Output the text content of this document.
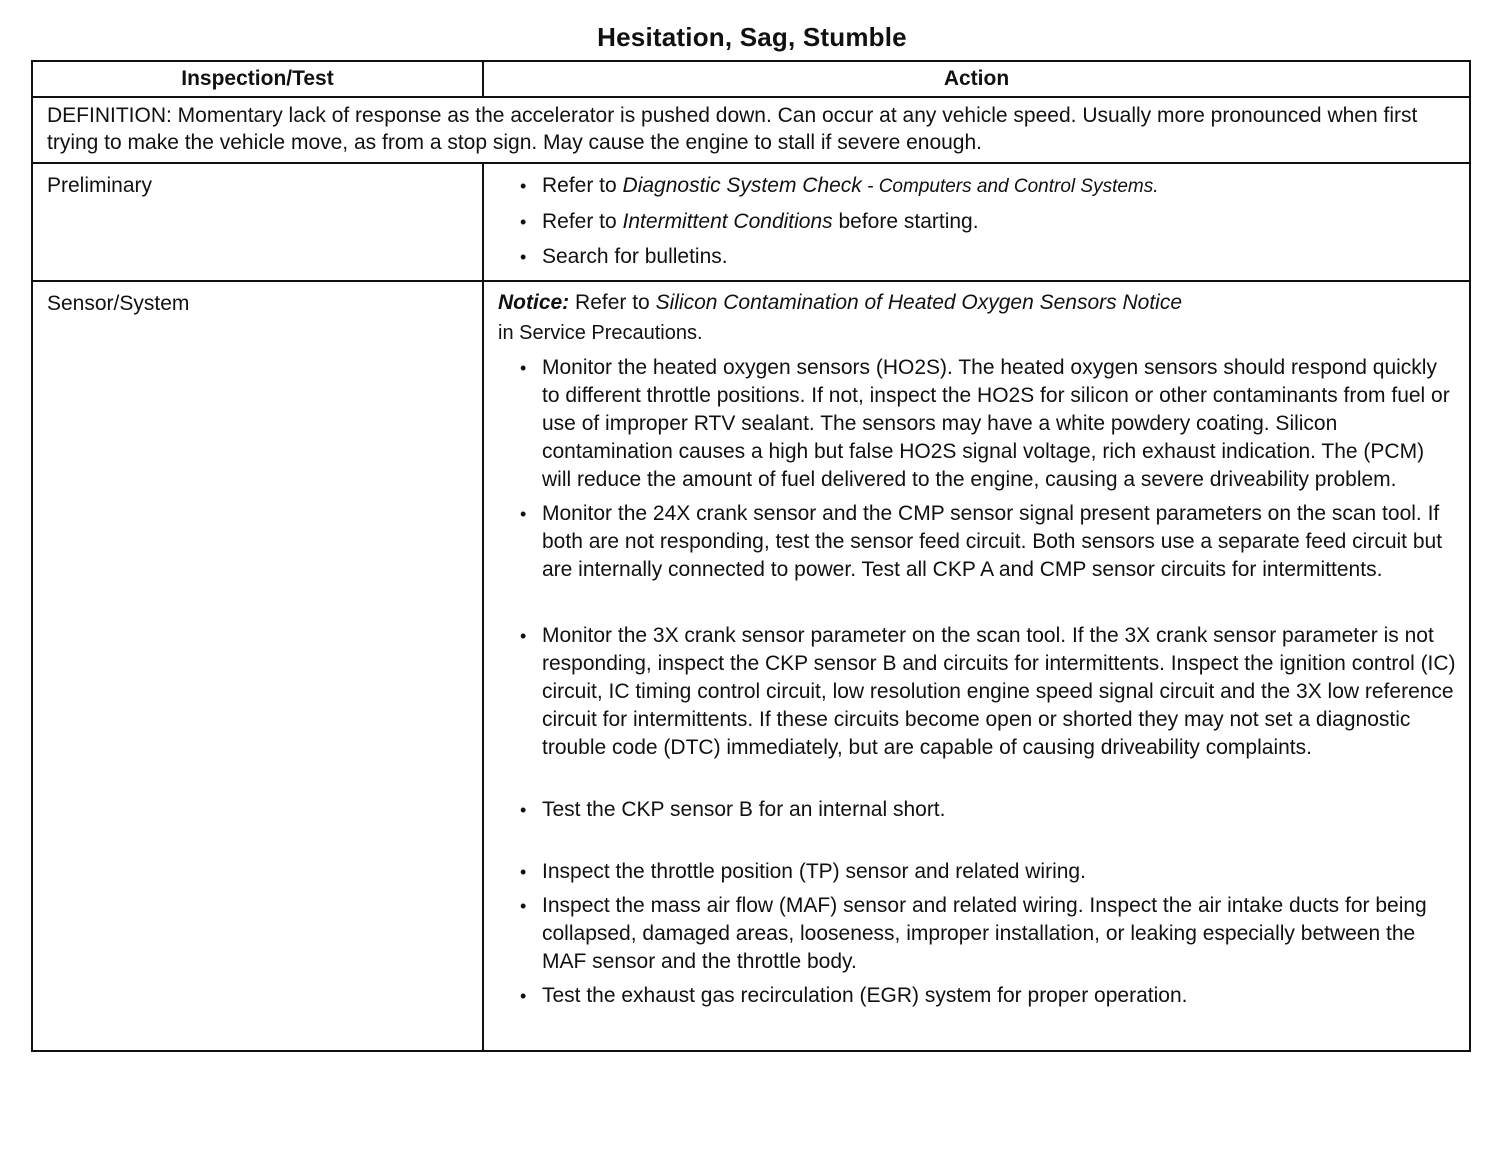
Hesitation, Sag, Stumble
Inspection/Test	Action
DEFINITION: Momentary lack of response as the accelerator is pushed down. Can occur at any vehicle speed. Usually more pronounced when first trying to make the vehicle move, as from a stop sign. May cause the engine to stall if severe enough.	
Preliminary	• Refer to Diagnostic System Check - Computers and Control Systems.
• Refer to Intermittent Conditions before starting.
• Search for bulletins.

Sensor/System	Notice: Refer to Silicon Contamination of Heated Oxygen Sensors Notice
in Service Precautions.
• Monitor the heated oxygen sensors (HO2S). The heated oxygen sensors should respond quickly to different throttle positions. If not, inspect the HO2S for silicon or other contaminants from fuel or use of improper RTV sealant. The sensors may have a white powdery coating. Silicon contamination causes a high but false HO2S signal voltage, rich exhaust indication. The (PCM) will reduce the amount of fuel delivered to the engine, causing a severe driveability problem.
• Monitor the 24X crank sensor and the CMP sensor signal present parameters on the scan tool. If both are not responding, test the sensor feed circuit. Both sensors use a separate feed circuit but are internally connected to power. Test all CKP A and CMP sensor circuits for intermittents.
• Monitor the 3X crank sensor parameter on the scan tool. If the 3X crank sensor parameter is not responding, inspect the CKP sensor B and circuits for intermittents. Inspect the ignition control (IC) circuit, IC timing control circuit, low resolution engine speed signal circuit and the 3X low reference circuit for intermittents. If these circuits become open or shorted they may not set a diagnostic trouble code (DTC) immediately, but are capable of causing driveability complaints.
• Test the CKP sensor B for an internal short.
• Inspect the throttle position (TP) sensor and related wiring.
• Inspect the mass air flow (MAF) sensor and related wiring. Inspect the air intake ducts for being collapsed, damaged areas, looseness, improper installation, or leaking especially between the MAF sensor and the throttle body.
• Test the exhaust gas recirculation (EGR) system for proper operation.
